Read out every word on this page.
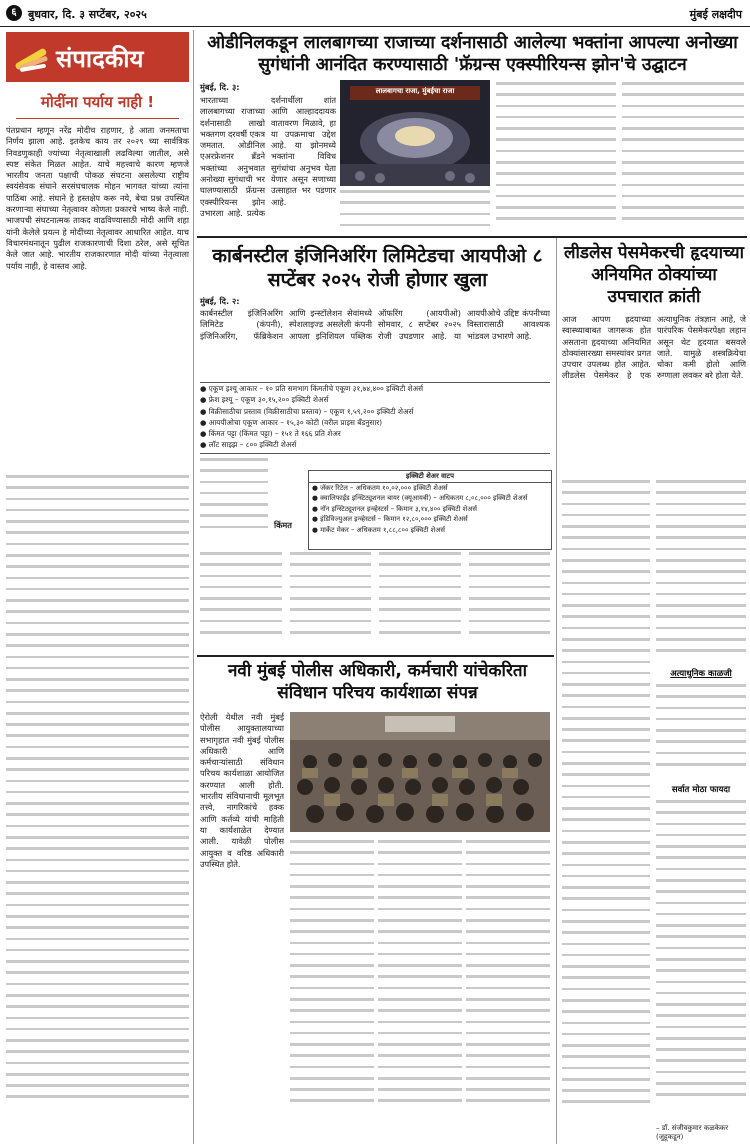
६	बुधवार, दि. ३ सप्टेंबर, २०२५	मुंबई लक्षदीप
संपादकीय
मोदींना पर्याय नाही !
पंतप्रधान म्हणून नरेंद्र मोदीच राहणार, हे आता जनमताचा निर्णय झाला आहे. इतकेच काय तर २०२९ च्या सार्वत्रिक निवडणुकाही ज्यांच्या नेतृत्वाखाली लढविल्या जातील, असे स्पष्ट संकेत मिळत आहेत. याचे महत्त्वाचे कारण म्हणजे भारतीय जनता पक्षाची पोकळ संघटना असलेल्या राष्ट्रीय स्वयंसेवक संघाने सरसंघचालक मोहन भागवत यांच्या त्यांना पाठिंबा आहे. संघाने हे हस्तक्षेप करू नये, बेचा प्रश्न उपस्थित करणाऱ्या संघाच्या नेतृत्वावर कोणता प्रकारचे भाष्य केले नाही. भाजपची संघटनात्मक ताकद वाढविण्यासाठी मोदी आणि शहा यांनी केलेले प्रयत्न हे मोदींच्या नेतृत्वावर आधारित आहेत. याच विचारमंथनातून पुढील राजकारणाची दिशा ठरेल, असे सूचित केले जात आहे. भारतीय राजकारणात मोदी यांच्या नेतृत्वाला पर्याय नाही, हे वास्तव आहे.
ओडीनिलकडून लालबागच्या राजाच्या दर्शनासाठी आलेल्या भक्तांना आपल्या अनोख्या सुगंधांनी आनंदित करण्यासाठी 'फ्रॅग्रन्स एक्स्पीरियन्स झोन'चे उद्घाटन
मुंबई, दि. ३:
भारताच्या लालबागच्या राजाच्या दर्शनासाठी लाखो भक्तगण दरवर्षी एकत्र जमतात. ओडीनिल एअरफ्रेशनर ब्रँडने भक्तांच्या अनुभवात अनोख्या सुगंधाची भर घालण्यासाठी फ्रॅग्रन्स एक्स्पीरियन्स झोन उभारला आहे. प्रत्येक दर्शनार्थीला शांत आणि आल्हाददायक वातावरण मिळावे, हा या उपक्रमाचा उद्देश आहे. या झोनमध्ये भक्तांना विविध सुगंधांचा अनुभव घेता येणार असून सणाच्या उत्साहात भर पडणार आहे.
लालबागचा राजा, मुंबईचा राजा
कार्बनस्टील इंजिनिअरिंग लिमिटेडचा आयपीओ ८ सप्टेंबर २०२५ रोजी होणार खुला
मुंबई, दि. २:
कार्बनस्टील इंजिनिअरिंग लिमिटेड (कंपनी), इंजिनिअरिंग, फॅब्रिकेशन आणि इन्स्टॉलेशन सेवांमध्ये स्पेशलाइज्ड असलेली कंपनी आपला इनिशियल पब्लिक ऑफरिंग (आयपीओ) सोमवार, ८ सप्टेंबर २०२५ रोजी उघडणार आहे. या आयपीओचे उद्दिष्ट कंपनीच्या विस्तारासाठी आवश्यक भांडवल उभारणे आहे.
● एकूण इश्यू आकार – १० प्रति समभाग किंमतीचे एकूण ३१,७४,४०० इक्विटी शेअर्स
● फ्रेश इश्यू – एकूण ३०,१५,२०० इक्विटी शेअर्स
● विक्रीसाठीचा प्रस्ताव (विक्रीसाठीचा प्रस्ताव) – एकूण १,५९,२०० इक्विटी शेअर्स
● आयपीओचा एकूण आकार – १५,३० कोटी (वरील प्राइस बँडनुसार)
● किंमत पट्टा (किंमत पट्टा) – १५१ ते १६६ प्रति शेअर
● लॉट साइझ – ८०० इक्विटी शेअर्स
किंमत
इक्विटी शेअर वाटप
● जॅकर रिटेल – अधिकतम १०,०२,००० इक्विटी शेअर्स
● क्वालिफाईड इन्स्टिट्यूशनल बायर (क्यूआयबी) – अधिकतम ८,०८,००० इक्विटी शेअर्स
● नॉन इन्स्टिट्यूशनल इन्व्हेस्टर्स – किमान ३,१४,४०० इक्विटी शेअर्स
● इंडिविज्युअल इन्व्हेस्टर्स – किमान १२,८०,००० इक्विटी शेअर्स
● मार्केट मेकर – अधिकतम १,८८,८०० इक्विटी शेअर्स
लीडलेस पेसमेकरची हृदयाच्या अनियमित ठोक्यांच्या उपचारात क्रांती
आज आपण ह्रदयाच्या स्वास्थ्याबाबत जागरूक होत असताना हृदयाच्या अनियमित ठोक्यांसारख्या समस्यांवर प्रगत उपचार उपलब्ध होत आहेत. लीडलेस पेसमेकर हे एक अत्याधुनिक तंत्रज्ञान आहे, जे पारंपरिक पेसमेकरपेक्षा लहान असून थेट हृदयात बसवले जाते. यामुळे शस्त्रक्रियेचा धोका कमी होतो आणि रुग्णाला लवकर बरे होता येते.
अत्याधुनिक काळजी
सर्वात मोठा फायदा
– डॉ. संजीवकुमार कळकेकर (जुहूकडून)
नवी मुंबई पोलीस अधिकारी, कर्मचारी यांचेकरिता संविधान परिचय कार्यशाळा संपन्न
ऐरोली येथील नवी मुंबई पोलीस आयुक्तालयाच्या सभागृहात नवी मुंबई पोलीस अधिकारी आणि कर्मचाऱ्यांसाठी संविधान परिचय कार्यशाळा आयोजित करण्यात आली होती. भारतीय संविधानाची मूलभूत तत्त्वे, नागरिकांचे हक्क आणि कर्तव्ये यांची माहिती या कार्यशाळेत देण्यात आली. यावेळी पोलीस आयुक्त व वरिष्ठ अधिकारी उपस्थित होते.
